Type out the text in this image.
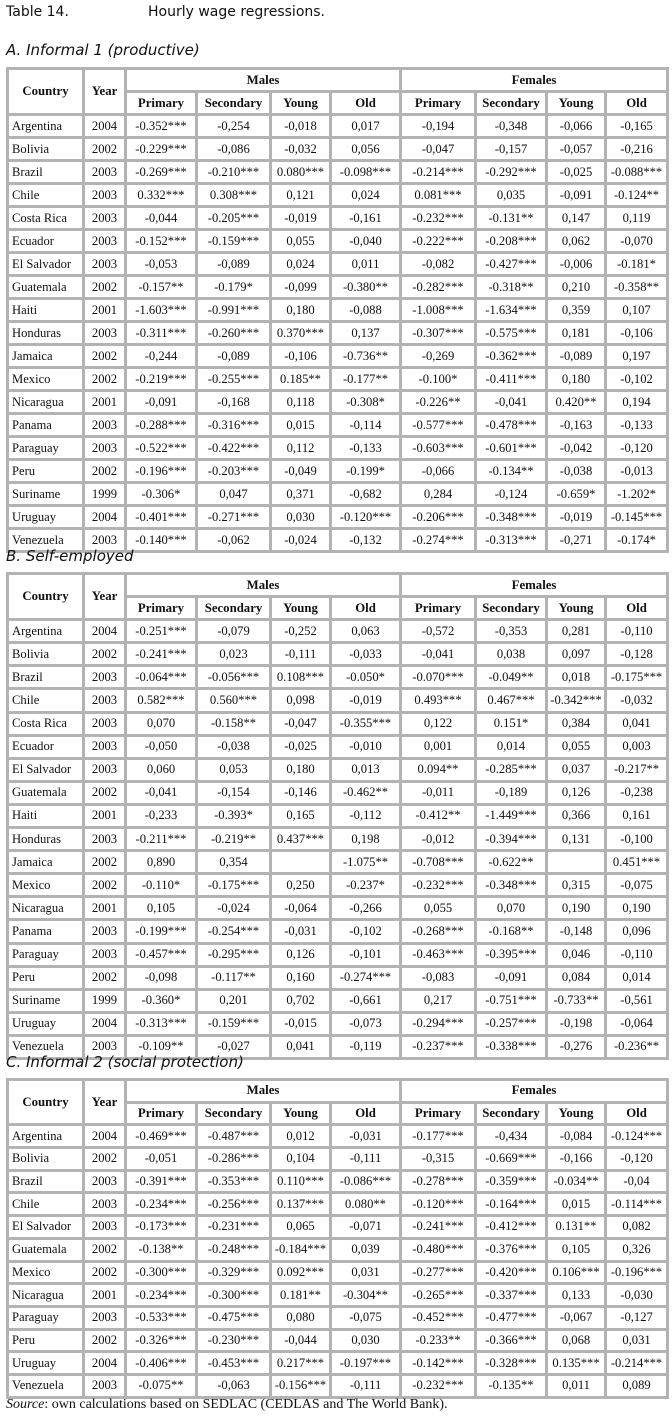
Table 14.	Hourly wage regressions.
A. Informal 1 (productive)
Country	Year	Males				Females			
		Primary	Secondary	Young	Old	Primary	Secondary	Young	Old
Argentina	2004	-0.352***	-0,254	-0,018	0,017	-0,194	-0,348	-0,066	-0,165
Bolivia	2002	-0.229***	-0,086	-0,032	0,056	-0,047	-0,157	-0,057	-0,216
Brazil	2003	-0.269***	-0.210***	0.080***	-0.098***	-0.214***	-0.292***	-0,025	-0.088***
Chile	2003	0.332***	0.308***	0,121	0,024	0.081***	0,035	-0,091	-0.124**
Costa Rica	2003	-0,044	-0.205***	-0,019	-0,161	-0.232***	-0.131**	0,147	0,119
Ecuador	2003	-0.152***	-0.159***	0,055	-0,040	-0.222***	-0.208***	0,062	-0,070
El Salvador	2003	-0,053	-0,089	0,024	0,011	-0,082	-0.427***	-0,006	-0.181*
Guatemala	2002	-0.157**	-0.179*	-0,099	-0.380**	-0.282***	-0.318**	0,210	-0.358**
Haiti	2001	-1.603***	-0.991***	0,180	-0,088	-1.008***	-1.634***	0,359	0,107
Honduras	2003	-0.311***	-0.260***	0.370***	0,137	-0.307***	-0.575***	0,181	-0,106
Jamaica	2002	-0,244	-0,089	-0,106	-0.736**	-0,269	-0.362***	-0,089	0,197
Mexico	2002	-0.219***	-0.255***	0.185**	-0.177**	-0.100*	-0.411***	0,180	-0,102
Nicaragua	2001	-0,091	-0,168	0,118	-0.308*	-0.226**	-0,041	0.420**	0,194
Panama	2003	-0.288***	-0.316***	0,015	-0,114	-0.577***	-0.478***	-0,163	-0,133
Paraguay	2003	-0.522***	-0.422***	0,112	-0,133	-0.603***	-0.601***	-0,042	-0,120
Peru	2002	-0.196***	-0.203***	-0,049	-0.199*	-0,066	-0.134**	-0,038	-0,013
Suriname	1999	-0.306*	0,047	0,371	-0,682	0,284	-0,124	-0.659*	-1.202*
Uruguay	2004	-0.401***	-0.271***	0,030	-0.120***	-0.206***	-0.348***	-0,019	-0.145***
Venezuela	2003	-0.140***	-0,062	-0,024	-0,132	-0.274***	-0.313***	-0,271	-0.174*
B. Self-employed
Country	Year	Males				Females			
		Primary	Secondary	Young	Old	Primary	Secondary	Young	Old
Argentina	2004	-0.251***	-0,079	-0,252	0,063	-0,572	-0,353	0,281	-0,110
Bolivia	2002	-0.241***	0,023	-0,111	-0,033	-0,041	0,038	0,097	-0,128
Brazil	2003	-0.064***	-0.056***	0.108***	-0.050*	-0.070***	-0.049**	0,018	-0.175***
Chile	2003	0.582***	0.560***	0,098	-0,019	0.493***	0.467***	-0.342***	-0,032
Costa Rica	2003	0,070	-0.158**	-0,047	-0.355***	0,122	0.151*	0,384	0,041
Ecuador	2003	-0,050	-0,038	-0,025	-0,010	0,001	0,014	0,055	0,003
El Salvador	2003	0,060	0,053	0,180	0,013	0.094**	-0.285***	0,037	-0.217**
Guatemala	2002	-0,041	-0,154	-0,146	-0.462**	-0,011	-0,189	0,126	-0,238
Haiti	2001	-0,233	-0.393*	0,165	-0,112	-0.412**	-1.449***	0,366	0,161
Honduras	2003	-0.211***	-0.219**	0.437***	0,198	-0,012	-0.394***	0,131	-0,100
Jamaica	2002	0,890	0,354		-1.075**	-0.708***	-0.622**		0.451***
Mexico	2002	-0.110*	-0.175***	0,250	-0.237*	-0.232***	-0.348***	0,315	-0,075
Nicaragua	2001	0,105	-0,024	-0,064	-0,266	0,055	0,070	0,190	0,190
Panama	2003	-0.199***	-0.254***	-0,031	-0,102	-0.268***	-0.168**	-0,148	0,096
Paraguay	2003	-0.457***	-0.295***	0,126	-0,101	-0.463***	-0.395***	0,046	-0,110
Peru	2002	-0,098	-0.117**	0,160	-0.274***	-0,083	-0,091	0,084	0,014
Suriname	1999	-0.360*	0,201	0,702	-0,661	0,217	-0.751***	-0.733**	-0,561
Uruguay	2004	-0.313***	-0.159***	-0,015	-0,073	-0.294***	-0.257***	-0,198	-0,064
Venezuela	2003	-0.109**	-0,027	0,041	-0,119	-0.237***	-0.338***	-0,276	-0.236**
C. Informal 2 (social protection)
Country	Year	Males				Females			
		Primary	Secondary	Young	Old	Primary	Secondary	Young	Old
Argentina	2004	-0.469***	-0.487***	0,012	-0,031	-0.177***	-0,434	-0,084	-0.124***
Bolivia	2002	-0,051	-0.286***	0,104	-0,111	-0,315	-0.669***	-0,166	-0,120
Brazil	2003	-0.391***	-0.353***	0.110***	-0.086***	-0.278***	-0.359***	-0.034**	-0,04
Chile	2003	-0.234***	-0.256***	0.137***	0.080**	-0.120***	-0.164***	0,015	-0.114***
El Salvador	2003	-0.173***	-0.231***	0,065	-0,071	-0.241***	-0.412***	0.131**	0,082
Guatemala	2002	-0.138**	-0.248***	-0.184***	0,039	-0.480***	-0.376***	0,105	0,326
Mexico	2002	-0.300***	-0.329***	0.092***	0,031	-0.277***	-0.420***	0.106***	-0.196***
Nicaragua	2001	-0.234***	-0.300***	0.181**	-0.304**	-0.265***	-0.337***	0,133	-0,030
Paraguay	2003	-0.533***	-0.475***	0,080	-0,075	-0.452***	-0.477***	-0,067	-0,127
Peru	2002	-0.326***	-0.230***	-0,044	0,030	-0.233**	-0.366***	0,068	0,031
Uruguay	2004	-0.406***	-0.453***	0.217***	-0.197***	-0.142***	-0.328***	0.135***	-0.214***
Venezuela	2003	-0.075**	-0,063	-0.156***	-0,111	-0.232***	-0.135**	0,011	0,089
Source: own calculations based on SEDLAC (CEDLAS and The World Bank).
